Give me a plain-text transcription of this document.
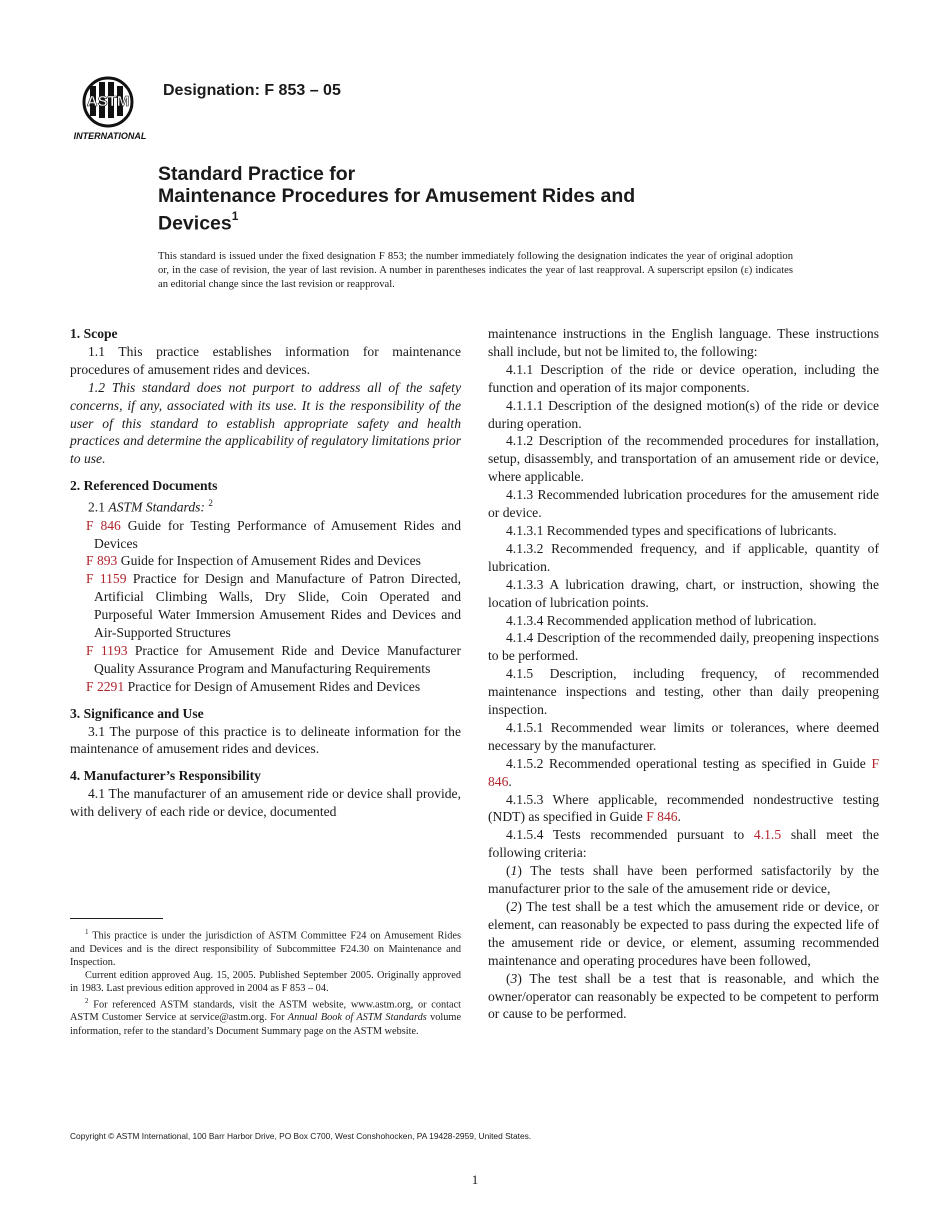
ASTM
INTERNATIONAL
Designation: F 853 – 05
Standard Practice for
Maintenance Procedures for Amusement Rides and
Devices$^1$
This standard is issued under the fixed designation F 853; the number immediately following the designation indicates the year of original adoption or, in the case of revision, the year of last revision. A number in parentheses indicates the year of last reapproval. A superscript epsilon (ε) indicates an editorial change since the last revision or reapproval.
1. Scope

1.1 This practice establishes information for maintenance procedures of amusement rides and devices.

1.2 This standard does not purport to address all of the safety concerns, if any, associated with its use. It is the responsibility of the user of this standard to establish appropriate safety and health practices and determine the applicability of regulatory limitations prior to use.

2. Referenced Documents

2.1 ASTM Standards: $^2$

F 846 Guide for Testing Performance of Amusement Rides and Devices

F 893 Guide for Inspection of Amusement Rides and Devices

F 1159 Practice for Design and Manufacture of Patron Directed, Artificial Climbing Walls, Dry Slide, Coin Operated and Purposeful Water Immersion Amusement Rides and Devices and Air-Supported Structures

F 1193 Practice for Amusement Ride and Device Manufacturer Quality Assurance Program and Manufacturing Requirements

F 2291 Practice for Design of Amusement Rides and Devices

3. Significance and Use

3.1 The purpose of this practice is to delineate information for the maintenance of amusement rides and devices.

4. Manufacturer’s Responsibility

4.1 The manufacturer of an amusement ride or device shall provide, with delivery of each ride or device, documented

$^1$ This practice is under the jurisdiction of ASTM Committee F24 on Amusement Rides and Devices and is the direct responsibility of Subcommittee F24.30 on Maintenance and Inspection.

Current edition approved Aug. 15, 2005. Published September 2005. Originally approved in 1983. Last previous edition approved in 2004 as F 853 – 04.

$^2$ For referenced ASTM standards, visit the ASTM website, www.astm.org, or contact ASTM Customer Service at service@astm.org. For Annual Book of ASTM Standards volume information, refer to the standard’s Document Summary page on the ASTM website.

maintenance instructions in the English language. These instructions shall include, but not be limited to, the following:

4.1.1 Description of the ride or device operation, including the function and operation of its major components.

4.1.1.1 Description of the designed motion(s) of the ride or device during operation.

4.1.2 Description of the recommended procedures for installation, setup, disassembly, and transportation of an amusement ride or device, where applicable.

4.1.3 Recommended lubrication procedures for the amusement ride or device.

4.1.3.1 Recommended types and specifications of lubricants.

4.1.3.2 Recommended frequency, and if applicable, quantity of lubrication.

4.1.3.3 A lubrication drawing, chart, or instruction, showing the location of lubrication points.

4.1.3.4 Recommended application method of lubrication.

4.1.4 Description of the recommended daily, preopening inspections to be performed.

4.1.5 Description, including frequency, of recommended maintenance inspections and testing, other than daily preopening inspection.

4.1.5.1 Recommended wear limits or tolerances, where deemed necessary by the manufacturer.

4.1.5.2 Recommended operational testing as specified in Guide F 846.

4.1.5.3 Where applicable, recommended nondestructive testing (NDT) as specified in Guide F 846.

4.1.5.4 Tests recommended pursuant to 4.1.5 shall meet the following criteria:

(1) The tests shall have been performed satisfactorily by the manufacturer prior to the sale of the amusement ride or device,

(2) The test shall be a test which the amusement ride or device, or element, can reasonably be expected to pass during the expected life of the amusement ride or device, or element, assuming recommended maintenance and operating procedures have been followed,

(3) The test shall be a test that is reasonable, and which the owner/operator can reasonably be expected to be competent to perform or cause to be performed.

Copyright © ASTM International, 100 Barr Harbor Drive, PO Box C700, West Conshohocken, PA 19428-2959, United States.
1
